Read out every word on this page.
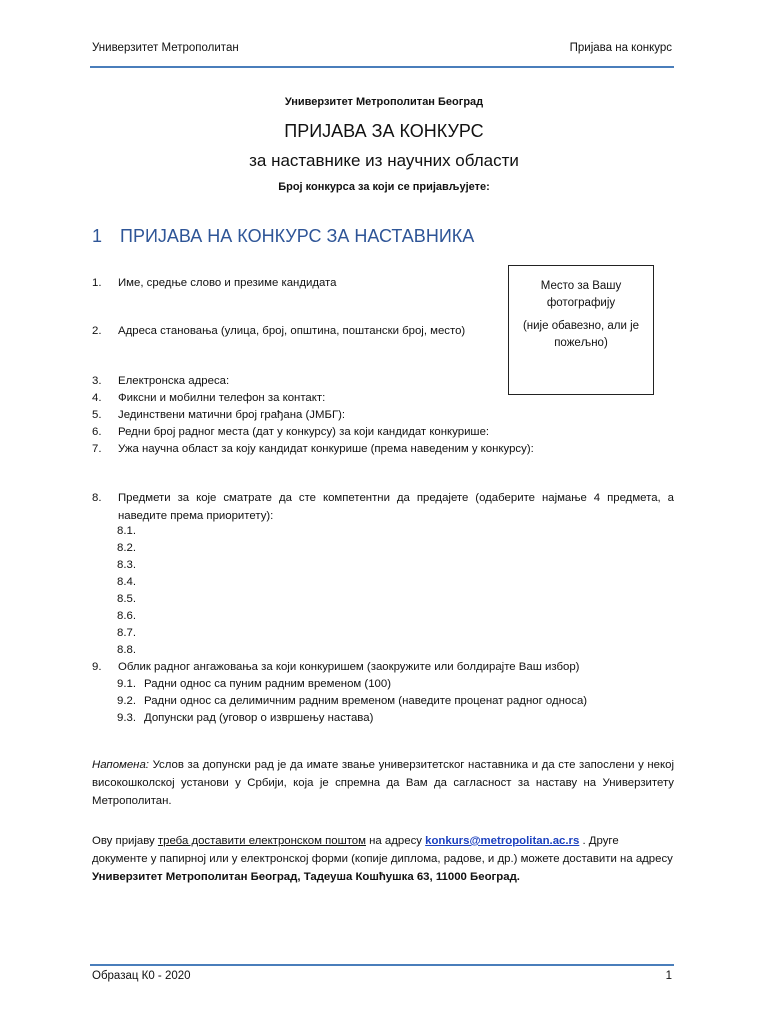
Универзитет Метрополитан	Пријава на конкурс
Универзитет Метрополитан Београд
ПРИЈАВА ЗА КОНКУРС
за наставнике из научних области
Број конкурса за који се пријављујете:
1 ПРИЈАВА НА КОНКУРС ЗА НАСТАВНИКА
Место за Вашу фотографију
(није обавезно, али је пожељно)
1. Име, средње слово и презиме кандидата
2. Адреса становања (улица, број, општина, поштански број, место)
3. Електронска адреса:
4. Фиксни и мобилни телефон за контакт:
5. Јединствени матични број грађана (ЈМБГ):
6. Редни број радног места (дат у конкурсу) за који кандидат конкурише:
7. Ужа научна област за коју кандидат конкурише (према наведеним у конкурсу):
8.	Предмети за које сматрате да сте компетентни да предајете (одаберите најмање 4 предмета, а наведите према приоритету):
8.1.
8.2.
8.3.
8.4.
8.5.
8.6.
8.7.
8.8.
9. Облик радног ангажовања за који конкуришем (заокружите или болдирајте Ваш избор)
9.1. Радни однос са пуним радним временом (100)
9.2. Радни однос са делимичним радним временом (наведите проценат радног односа)
9.3. Допунски рад (уговор о извршењу настава)
Напомена: Услов за допунски рад је да имате звање универзитетског наставника и да сте запослени у некој високошколској установи у Србији, која је спремна да Вам да сагласност за наставу на Универзитету Метрополитан.
Ову пријаву треба доставити електронском поштом на адресу konkurs@metropolitan.ac.rs . Друге документе у папирној или у електронској форми (копије диплома, радове, и др.) можете доставити на адресу Универзитет Метрополитан Београд, Тадеуша Кошћушка 63, 11000 Београд.
Образац К0 - 2020	1
